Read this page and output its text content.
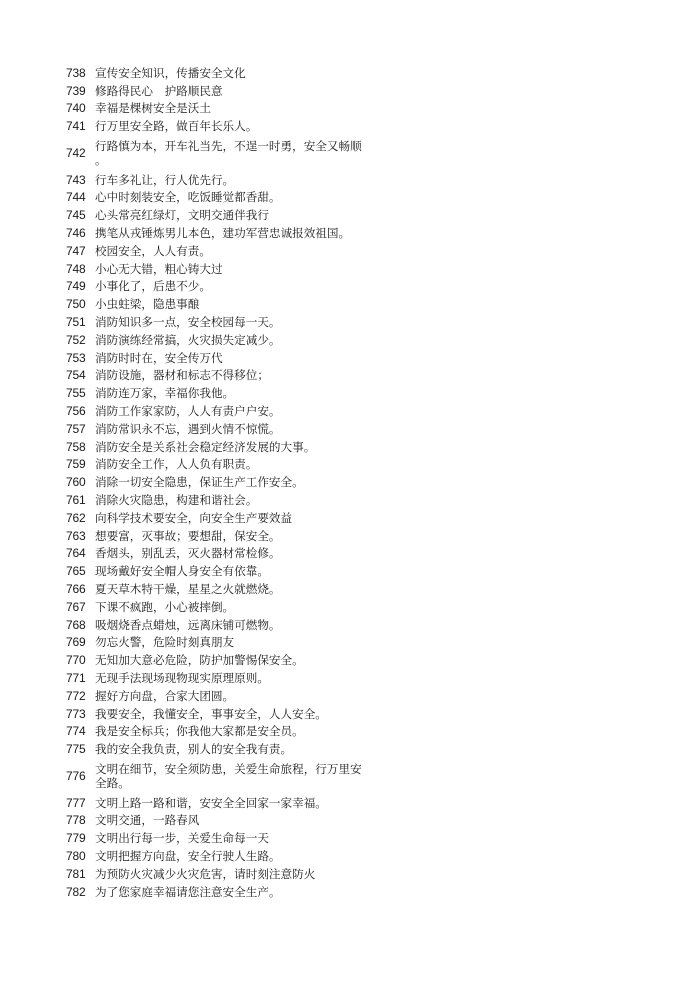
738 宣传安全知识，传播安全文化
739 修路得民心　护路顺民意
740 幸福是棵树安全是沃土
741 行万里安全路，做百年长乐人。
742 行路慎为本，开车礼当先，不逞一时勇，安全又畅顺
。
743 行车多礼让，行人优先行。
744 心中时刻装安全，吃饭睡觉都香甜。
745 心头常亮红绿灯，文明交通伴我行
746 携笔从戎锤炼男儿本色，建功军营忠诚报效祖国。
747 校园安全，人人有责。
748 小心无大错，粗心铸大过
749 小事化了，后患不少。
750 小虫蛀梁，隐患事酿
751 消防知识多一点，安全校园每一天。
752 消防演练经常搞，火灾损失定减少。
753 消防时时在，安全传万代
754 消防设施，器材和标志不得移位；
755 消防连万家，幸福你我他。
756 消防工作家家防，人人有责户户安。
757 消防常识永不忘，遇到火情不惊慌。
758 消防安全是关系社会稳定经济发展的大事。
759 消防安全工作，人人负有职责。
760 消除一切安全隐患，保证生产工作安全。
761 消除火灾隐患，构建和谐社会。
762 向科学技术要安全，向安全生产要效益
763 想要富，灭事故；要想甜，保安全。
764 香烟头，别乱丢，灭火器材常检修。
765 现场戴好安全帽人身安全有依靠。
766 夏天草木特干燥，星星之火就燃烧。
767 下课不疯跑，小心被摔倒。
768 吸烟烧香点蜡烛，远离床铺可燃物。
769 勿忘火警，危险时刻真朋友
770 无知加大意必危险，防护加警惕保安全。
771 无现手法现场现物现实原理原则。
772 握好方向盘，合家大团圆。
773 我要安全，我懂安全，事事安全，人人安全。
774 我是安全标兵；你我他大家都是安全员。
775 我的安全我负责，别人的安全我有责。
776 文明在细节，安全须防患，关爱生命旅程，行万里安
全路。
777 文明上路一路和谐，安安全全回家一家幸福。
778 文明交通，一路春风
779 文明出行每一步，关爱生命每一天
780 文明把握方向盘，安全行驶人生路。
781 为预防火灾减少火灾危害，请时刻注意防火
782 为了您家庭幸福请您注意安全生产。
